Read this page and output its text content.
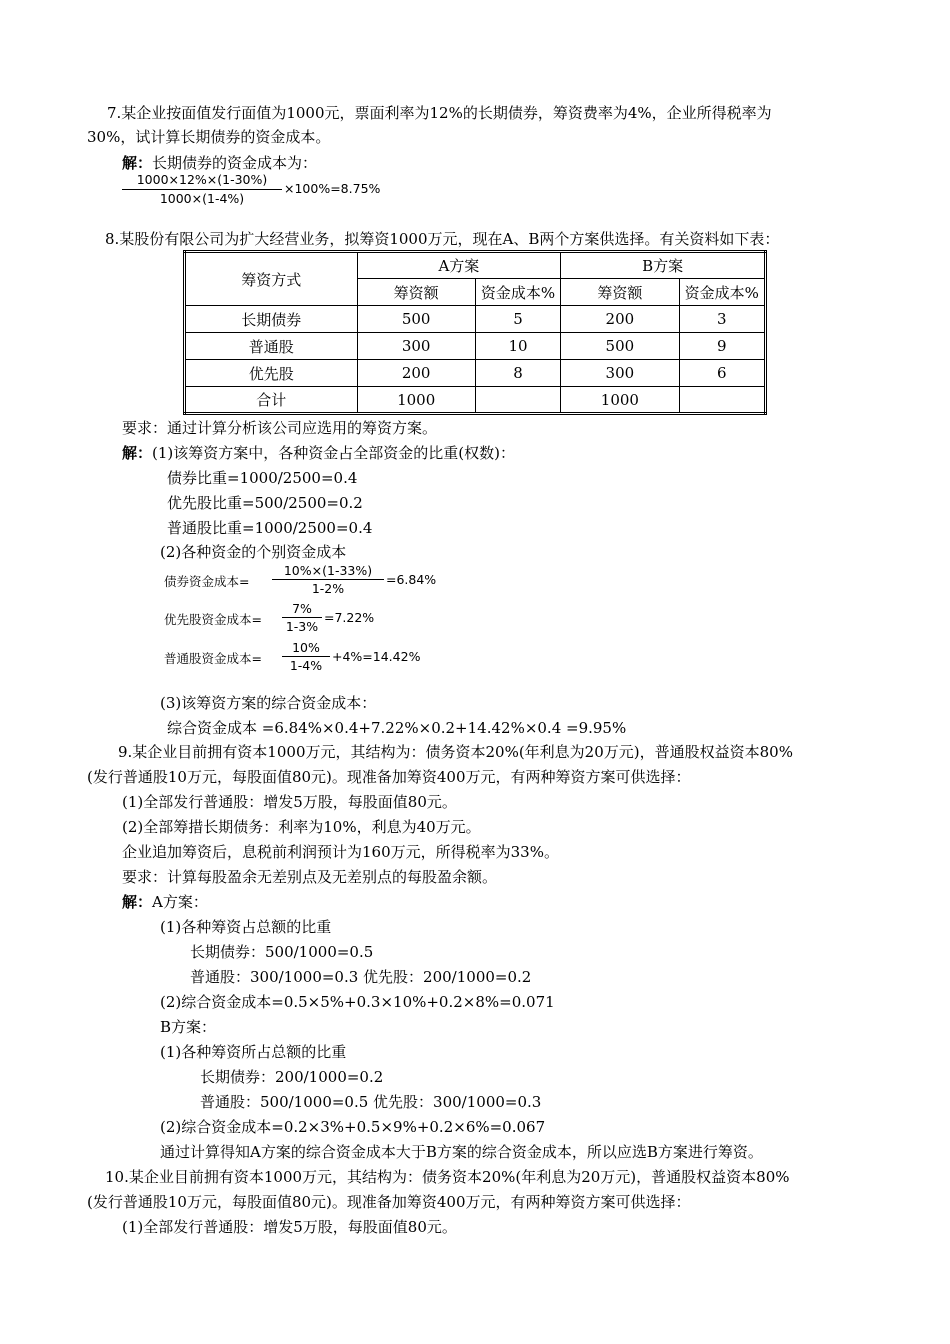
7.某企业按面值发行面值为1000元，票面利率为12%的长期债券，筹资费率为4%，企业所得税率为
30%，试计算长期债券的资金成本。
解：长期债券的资金成本为：
1000×12%×(1-30%)
1000×(1-4%)
×100%=8.75%
8.某股份有限公司为扩大经营业务，拟筹资1000万元，现在A、B两个方案供选择。有关资料如下表：
筹资方式	A方案		B方案	
	筹资额	资金成本%	筹资额	资金成本%
长期债券	500	5	200	3
普通股	300	10	500	9
优先股	200	8	300	6
合计	1000		1000	
要求：通过计算分析该公司应选用的筹资方案。
解：(1)该筹资方案中，各种资金占全部资金的比重(权数)：
债券比重=1000/2500=0.4
优先股比重=500/2500=0.2
普通股比重=1000/2500=0.4
(2)各种资金的个别资金成本
债券资金成本=
10%×(1-33%)
1-2%
=6.84%
优先股资金成本=
7%
1-3%
=7.22%
普通股资金成本=
10%
1-4%
+4%=14.42%
(3)该筹资方案的综合资金成本：
综合资金成本 =6.84%×0.4+7.22%×0.2+14.42%×0.4 =9.95%
9.某企业目前拥有资本1000万元，其结构为：债务资本20%(年利息为20万元)，普通股权益资本80%
(发行普通股10万元，每股面值80元)。现准备加筹资400万元，有两种筹资方案可供选择：
(1)全部发行普通股：增发5万股，每股面值80元。
(2)全部筹措长期债务：利率为10%，利息为40万元。
企业追加筹资后，息税前利润预计为160万元，所得税率为33%。
要求：计算每股盈余无差别点及无差别点的每股盈余额。
解：A方案：
(1)各种筹资占总额的比重
长期债券：500/1000=0.5
普通股：300/1000=0.3 优先股：200/1000=0.2
(2)综合资金成本=0.5×5%+0.3×10%+0.2×8%=0.071
B方案：
(1)各种筹资所占总额的比重
长期债券：200/1000=0.2
普通股：500/1000=0.5 优先股：300/1000=0.3
(2)综合资金成本=0.2×3%+0.5×9%+0.2×6%=0.067
通过计算得知A方案的综合资金成本大于B方案的综合资金成本，所以应选B方案进行筹资。
10.某企业目前拥有资本1000万元，其结构为：债务资本20%(年利息为20万元)，普通股权益资本80%
(发行普通股10万元，每股面值80元)。现准备加筹资400万元，有两种筹资方案可供选择：
(1)全部发行普通股：增发5万股，每股面值80元。
